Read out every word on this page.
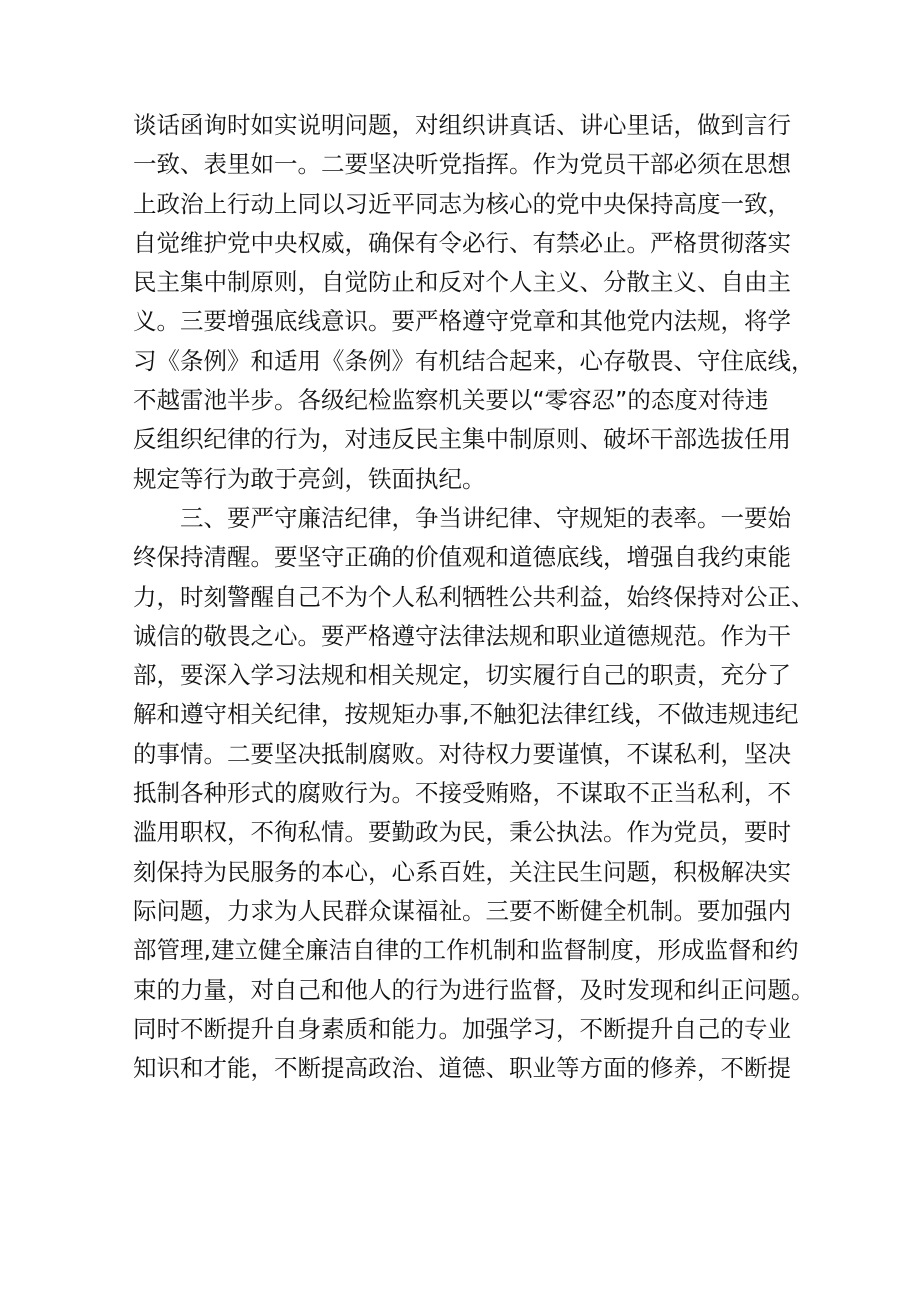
谈话函询时如实说明问题，对组织讲真话、讲心里话，做到言行
一致、表里如一。二要坚决听党指挥。作为党员干部必须在思想
上政治上行动上同以习近平同志为核心的党中央保持高度一致，
自觉维护党中央权威，确保有令必行、有禁必止。严格贯彻落实
民主集中制原则，自觉防止和反对个人主义、分散主义、自由主
义。三要增强底线意识。要严格遵守党章和其他党内法规，将学
习《条例》和适用《条例》有机结合起来，心存敬畏、守住底线，
不越雷池半步。各级纪检监察机关要以“零容忍”的态度对待违
反组织纪律的行为，对违反民主集中制原则、破坏干部选拔任用
规定等行为敢于亮剑，铁面执纪。
三、要严守廉洁纪律，争当讲纪律、守规矩的表率。一要始
终保持清醒。要坚守正确的价值观和道德底线，增强自我约束能
力，时刻警醒自己不为个人私利牺牲公共利益，始终保持对公正、
诚信的敬畏之心。要严格遵守法律法规和职业道德规范。作为干
部，要深入学习法规和相关规定，切实履行自己的职责，充分了
解和遵守相关纪律，按规矩办事,不触犯法律红线，不做违规违纪
的事情。二要坚决抵制腐败。对待权力要谨慎，不谋私利，坚决
抵制各种形式的腐败行为。不接受贿赂，不谋取不正当私利，不
滥用职权，不徇私情。要勤政为民，秉公执法。作为党员，要时
刻保持为民服务的本心，心系百姓，关注民生问题，积极解决实
际问题，力求为人民群众谋福祉。三要不断健全机制。要加强内
部管理,建立健全廉洁自律的工作机制和监督制度，形成监督和约
束的力量，对自己和他人的行为进行监督，及时发现和纠正问题。
同时不断提升自身素质和能力。加强学习，不断提升自己的专业
知识和才能，不断提高政治、道德、职业等方面的修养，不断提
